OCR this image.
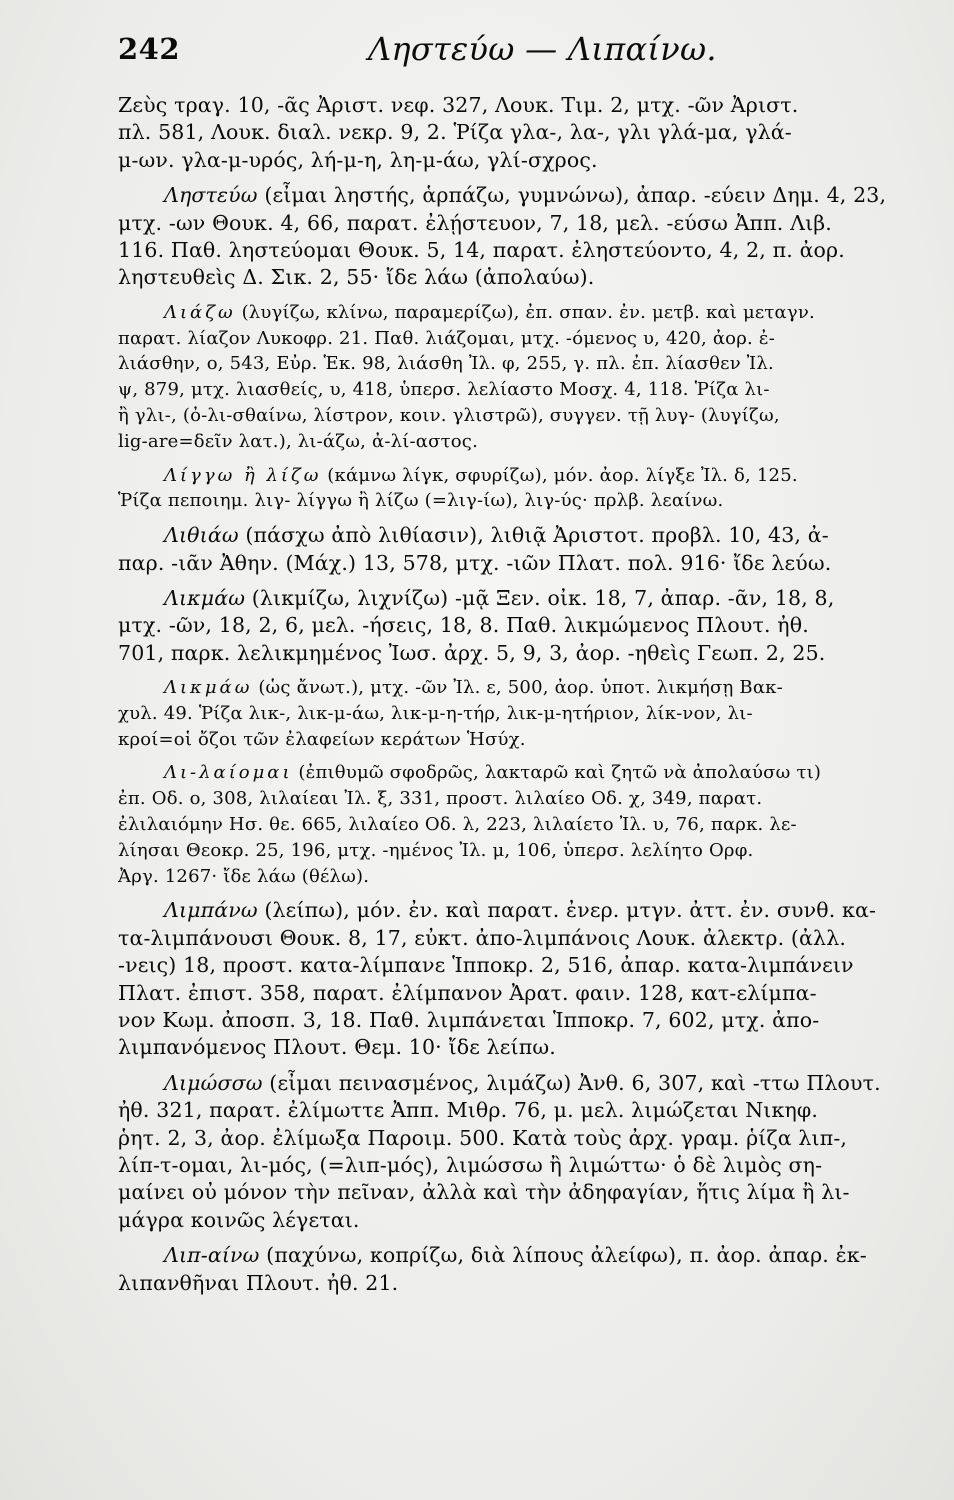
242	Ληστεύω — Λιπαίνω.
Ζεὺς τραγ. 10, -ᾶς Ἀριστ. νεφ. 327, Λουκ. Τιμ. 2, μτχ. -ῶν Ἀριστ.
πλ. 581, Λουκ. διαλ. νεκρ. 9, 2. Ῥίζα γλα-, λα-, γλι γλά-μα, γλά-
μ-ων. γλα-μ-υρός, λή-μ-η, λη-μ-άω, γλί-σχρος.
Ληστεύω (εἶμαι ληστής, ἁρπάζω, γυμνώνω), ἀπαρ. -εύειν Δημ. 4, 23,
μτχ. -ων Θουκ. 4, 66, παρατ. ἐλῄστευον, 7, 18, μελ. -εύσω Ἀππ. Λιβ.
116. Παθ. ληστεύομαι Θουκ. 5, 14, παρατ. ἐληστεύοντο, 4, 2, π. ἀορ.
ληστευθεὶς Δ. Σικ. 2, 55· ἴδε λάω (ἀπολαύω).
Λιάζω (λυγίζω, κλίνω, παραμερίζω), ἐπ. σπαν. ἐν. μετβ. καὶ μεταγν.
παρατ. λίαζον Λυκοφρ. 21. Παθ. λιάζομαι, μτχ. -όμενος υ, 420, ἀορ. ἐ-
λιάσθην, ο, 543, Εὐρ. Ἑκ. 98, λιάσθη Ἰλ. φ, 255, γ. πλ. ἐπ. λίασθεν Ἰλ.
ψ, 879, μτχ. λιασθείς, υ, 418, ὑπερσ. λελίαστο Μοσχ. 4, 118. Ῥίζα λι-
ἢ γλι-, (ὀ-λι-σθαίνω, λίστρον, κοιν. γλιστρῶ), συγγεν. τῇ λυγ- (λυγίζω,
lig-are=δεῖν λατ.), λι-άζω, ἀ-λί-αστος.
Λίγγω ἢ λίζω (κάμνω λίγκ, σφυρίζω), μόν. ἀορ. λίγξε Ἰλ. δ, 125.
Ῥίζα πεποιημ. λιγ- λίγγω ἢ λίζω (=λιγ-ίω), λιγ-ύς· πρλβ. λεαίνω.
Λιθιάω (πάσχω ἀπὸ λιθίασιν), λιθιᾷ Ἀριστοτ. προβλ. 10, 43, ἀ-
παρ. -ιᾶν Ἀθην. (Μάχ.) 13, 578, μτχ. -ιῶν Πλατ. πολ. 916· ἴδε λεύω.
Λικμάω (λικμίζω, λιχνίζω) -μᾷ Ξεν. οἰκ. 18, 7, ἀπαρ. -ᾶν, 18, 8,
μτχ. -ῶν, 18, 2, 6, μελ. -ήσεις, 18, 8. Παθ. λικμώμενος Πλουτ. ἠθ.
701, παρκ. λελικμημένος Ἰωσ. ἀρχ. 5, 9, 3, ἀορ. -ηθεὶς Γεωπ. 2, 25.
Λικμάω (ὡς ἄνωτ.), μτχ. -ῶν Ἰλ. ε, 500, ἀορ. ὑποτ. λικμήσῃ Βακ-
χυλ. 49. Ῥίζα λικ-, λικ-μ-άω, λικ-μ-η-τήρ, λικ-μ-ητήριον, λίκ-νον, λι-
κροί=οἱ ὄζοι τῶν ἐλαφείων κεράτων Ἡσύχ.
Λι-λαίομαι (ἐπιθυμῶ σφοδρῶς, λακταρῶ καὶ ζητῶ νὰ ἀπολαύσω τι)
ἐπ. Οδ. ο, 308, λιλαίεαι Ἰλ. ξ, 331, προστ. λιλαίεο Οδ. χ, 349, παρατ.
ἐλιλαιόμην Ησ. θε. 665, λιλαίεο Οδ. λ, 223, λιλαίετο Ἰλ. υ, 76, παρκ. λε-
λίησαι Θεοκρ. 25, 196, μτχ. -ημένος Ἰλ. μ, 106, ὑπερσ. λελίητο Ορφ.
Ἀργ. 1267· ἴδε λάω (θέλω).
Λιμπάνω (λείπω), μόν. ἐν. καὶ παρατ. ἐνερ. μτγν. ἀττ. ἐν. συνθ. κα-
τα-λιμπάνουσι Θουκ. 8, 17, εὐκτ. ἀπο-λιμπάνοις Λουκ. ἀλεκτρ. (ἀλλ.
-νεις) 18, προστ. κατα-λίμπανε Ἱπποκρ. 2, 516, ἀπαρ. κατα-λιμπάνειν
Πλατ. ἐπιστ. 358, παρατ. ἐλίμπανον Ἀρατ. φαιν. 128, κατ-ελίμπα-
νον Κωμ. ἀποσπ. 3, 18. Παθ. λιμπάνεται Ἱπποκρ. 7, 602, μτχ. ἀπο-
λιμπανόμενος Πλουτ. Θεμ. 10· ἴδε λείπω.
Λιμώσσω (εἶμαι πεινασμένος, λιμάζω) Ἀνθ. 6, 307, καὶ -ττω Πλουτ.
ἠθ. 321, παρατ. ἐλίμωττε Ἀππ. Μιθρ. 76, μ. μελ. λιμώζεται Νικηφ.
ῥητ. 2, 3, ἀορ. ἐλίμωξα Παροιμ. 500. Κατὰ τοὺς ἀρχ. γραμ. ῥίζα λιπ-,
λίπ-τ-ομαι, λι-μός, (=λιπ-μός), λιμώσσω ἢ λιμώττω· ὁ δὲ λιμὸς ση-
μαίνει οὐ μόνον τὴν πεῖναν, ἀλλὰ καὶ τὴν ἀδηφαγίαν, ἥτις λίμα ἢ λι-
μάγρα κοινῶς λέγεται.
Λιπ-αίνω (παχύνω, κοπρίζω, διὰ λίπους ἀλείφω), π. ἀορ. ἀπαρ. ἐκ-
λιπανθῆναι Πλουτ. ἠθ. 21.
